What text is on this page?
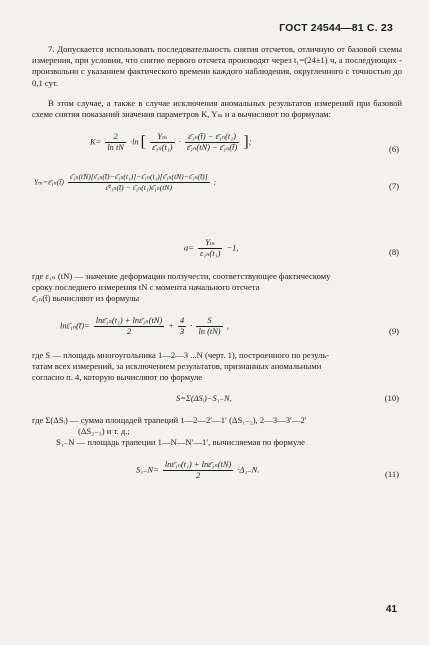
ГОСТ 24544—81 С. 23
7. Допускается использовать последовательность снятия отсчетов, отличную от базовой схемы измерения, при условии, что снятие первого отсчета производят через t₁=(24±1) ч, а последующих - произвольно с указанием фактического времени каждого наблюдения, округленного с точностью до 0,1 сут.
В этом случае, а также в случае исключения аномальных результатов измерений при базовой схеме снятия показаний значения параметров K, Yₘ и a вычисляют по формулам:
$K= \frac{2}{\text{ln tN}} \cdot\ln$ [ $\frac{\text{Yₘ}}{\text{ε̄₁ₙ(t₁)}} \cdot \frac{\text{ε̄₁ₙ(t̄) − ε̄₁ₙ(t₁)}}{\text{ε̄₁ₙ(tN) − ε̄₁ₙ(t̄)}}$ ];
(6)
Yₘ=ε̄₁ₙ(t̄) $\frac{\text{ε̄₁ₙ(tN)[ε̄₁ₙ(t̄)−ε̄₁ₙ(t₁)]−ε̄₁ₙ(t₁)[ε̄₁ₙ(tN)−ε̄₁ₙ(t̄)]}}{\text{ε̄²₁ₙ(t̄) − ε̄₁ₙ(t₁)ε̄₁ₙ(tN)}}$ ;	(7)
$a= \frac{\text{Yₘ}}{\text{ε₁ₙ(t₁)}} -1$,	(8)
где ε₁ₙ (tN) — значение деформации ползучести, соответствующее фактическому
сроку последнего измерения tN с момента начального отсчета
ε̄₁ₙ(t̄) вычисляют из формулы
lnε̄₁ₙ(t̄)= $\frac{\text{lnε̄₁ₙ(t₁) + lnε̄₁ₙ(tN)}}{2} + \frac{4}{3} \cdot \frac{S}{\ln (tN)}$ ,
(9)
где S — площадь многоугольника 1—2—3 ...N (черт. 1), построенного по резуль-
татам всех измерений, за исключением результатов, признанных аномальными
согласно п. 4, которую вычисляют по формуле
S=Σ(ΔSᵢ)−S₁₋N,	(10)
где Σ(ΔSᵢ) — сумма площадей трапеций 1—2—2′—1′ (ΔS₁₋₂), 2—3—3′—2′
(ΔS₂₋₃) и т. д.;
S₁₋N — площадь трапеции 1—N—N′—1′, вычисляемая по формуле
$S_{1-}N= \frac{\text{lnε̄₁ₙ(t₁) + lnε̄₁ₙ(tN)}}{2} \cdot\Delta_{1-}N$.	(11)
41
